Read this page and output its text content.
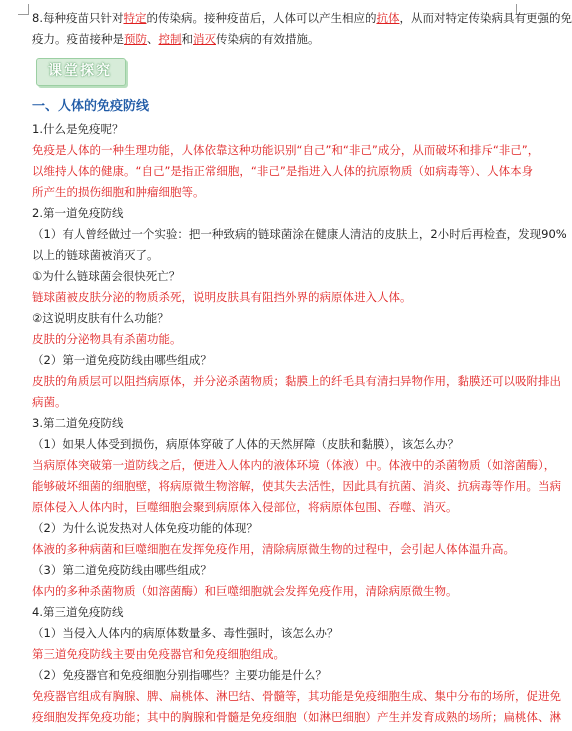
8.每种疫苗只针对特定的传染病。接种疫苗后，人体可以产生相应的抗体，从而对特定传染病具有更强的免
疫力。疫苗接种是预防、控制和消灭传染病的有效措施。
课堂探究
一、人体的免疫防线
1.什么是免疫呢？
免疫是人体的一种生理功能，人体依靠这种功能识别“自己”和“非己”成分，从而破坏和排斥“非己”，
以维持人体的健康。“自己”是指正常细胞，“非己”是指进入人体的抗原物质（如病毒等）、人体本身
所产生的损伤细胞和肿瘤细胞等。
2.第一道免疫防线
（1）有人曾经做过一个实验：把一种致病的链球菌涂在健康人清洁的皮肤上，2小时后再检查，发现90%
以上的链球菌被消灭了。
①为什么链球菌会很快死亡？
链球菌被皮肤分泌的物质杀死，说明皮肤具有阻挡外界的病原体进入人体。
②这说明皮肤有什么功能？
皮肤的分泌物具有杀菌功能。
（2）第一道免疫防线由哪些组成？
皮肤的角质层可以阻挡病原体，并分泌杀菌物质；黏膜上的纤毛具有清扫异物作用，黏膜还可以吸附排出
病菌。
3.第二道免疫防线
（1）如果人体受到损伤，病原体穿破了人体的天然屏障（皮肤和黏膜），该怎么办？
当病原体突破第一道防线之后，便进入人体内的液体环境（体液）中。体液中的杀菌物质（如溶菌酶），
能够破坏细菌的细胞壁，将病原微生物溶解，使其失去活性，因此具有抗菌、消炎、抗病毒等作用。当病
原体侵入人体内时，巨噬细胞会聚到病原体入侵部位，将病原体包围、吞噬、消灭。
（2）为什么说发热对人体免疫功能的体现？
体液的多种病菌和巨噬细胞在发挥免疫作用，清除病原微生物的过程中，会引起人体体温升高。
（3）第二道免疫防线由哪些组成？
体内的多种杀菌物质（如溶菌酶）和巨噬细胞就会发挥免疫作用，清除病原微生物。
4.第三道免疫防线
（1）当侵入人体内的病原体数量多、毒性强时，该怎么办？
第三道免疫防线主要由免疫器官和免疫细胞组成。
（2）免疫器官和免疫细胞分别指哪些？主要功能是什么？
免疫器官组成有胸腺、脾、扁桃体、淋巴结、骨髓等，其功能是免疫细胞生成、集中分布的场所，促进免
疫细胞发挥免疫功能；其中的胸腺和骨髓是免疫细胞（如淋巴细胞）产生并发育成熟的场所；扁桃体、淋
